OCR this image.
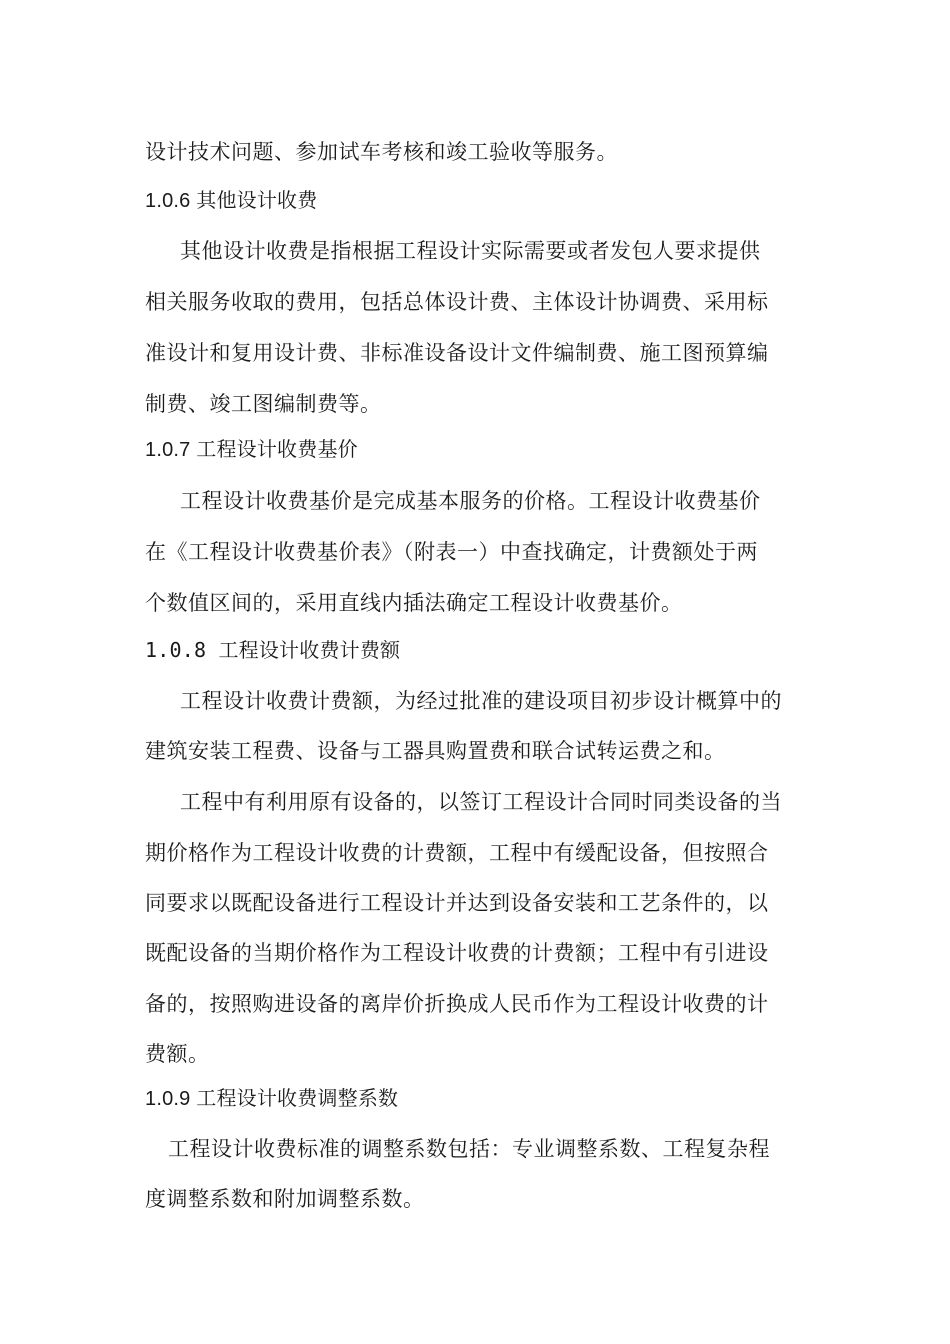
设计技术问题、参加试车考核和竣工验收等服务。
1.0.6 其他设计收费
其他设计收费是指根据工程设计实际需要或者发包人要求提供
相关服务收取的费用，包括总体设计费、主体设计协调费、采用标
准设计和复用设计费、非标准设备设计文件编制费、施工图预算编
制费、竣工图编制费等。
1.0.7 工程设计收费基价
工程设计收费基价是完成基本服务的价格。工程设计收费基价
在《工程设计收费基价表》（附表一）中查找确定，计费额处于两
个数值区间的，采用直线内插法确定工程设计收费基价。
1.0.8 工程设计收费计费额
工程设计收费计费额，为经过批准的建设项目初步设计概算中的
建筑安装工程费、设备与工器具购置费和联合试转运费之和。
工程中有利用原有设备的，以签订工程设计合同时同类设备的当
期价格作为工程设计收费的计费额，工程中有缓配设备，但按照合
同要求以既配设备进行工程设计并达到设备安装和工艺条件的，以
既配设备的当期价格作为工程设计收费的计费额；工程中有引进设
备的，按照购进设备的离岸价折换成人民币作为工程设计收费的计
费额。
1.0.9 工程设计收费调整系数
工程设计收费标准的调整系数包括：专业调整系数、工程复杂程
度调整系数和附加调整系数。
